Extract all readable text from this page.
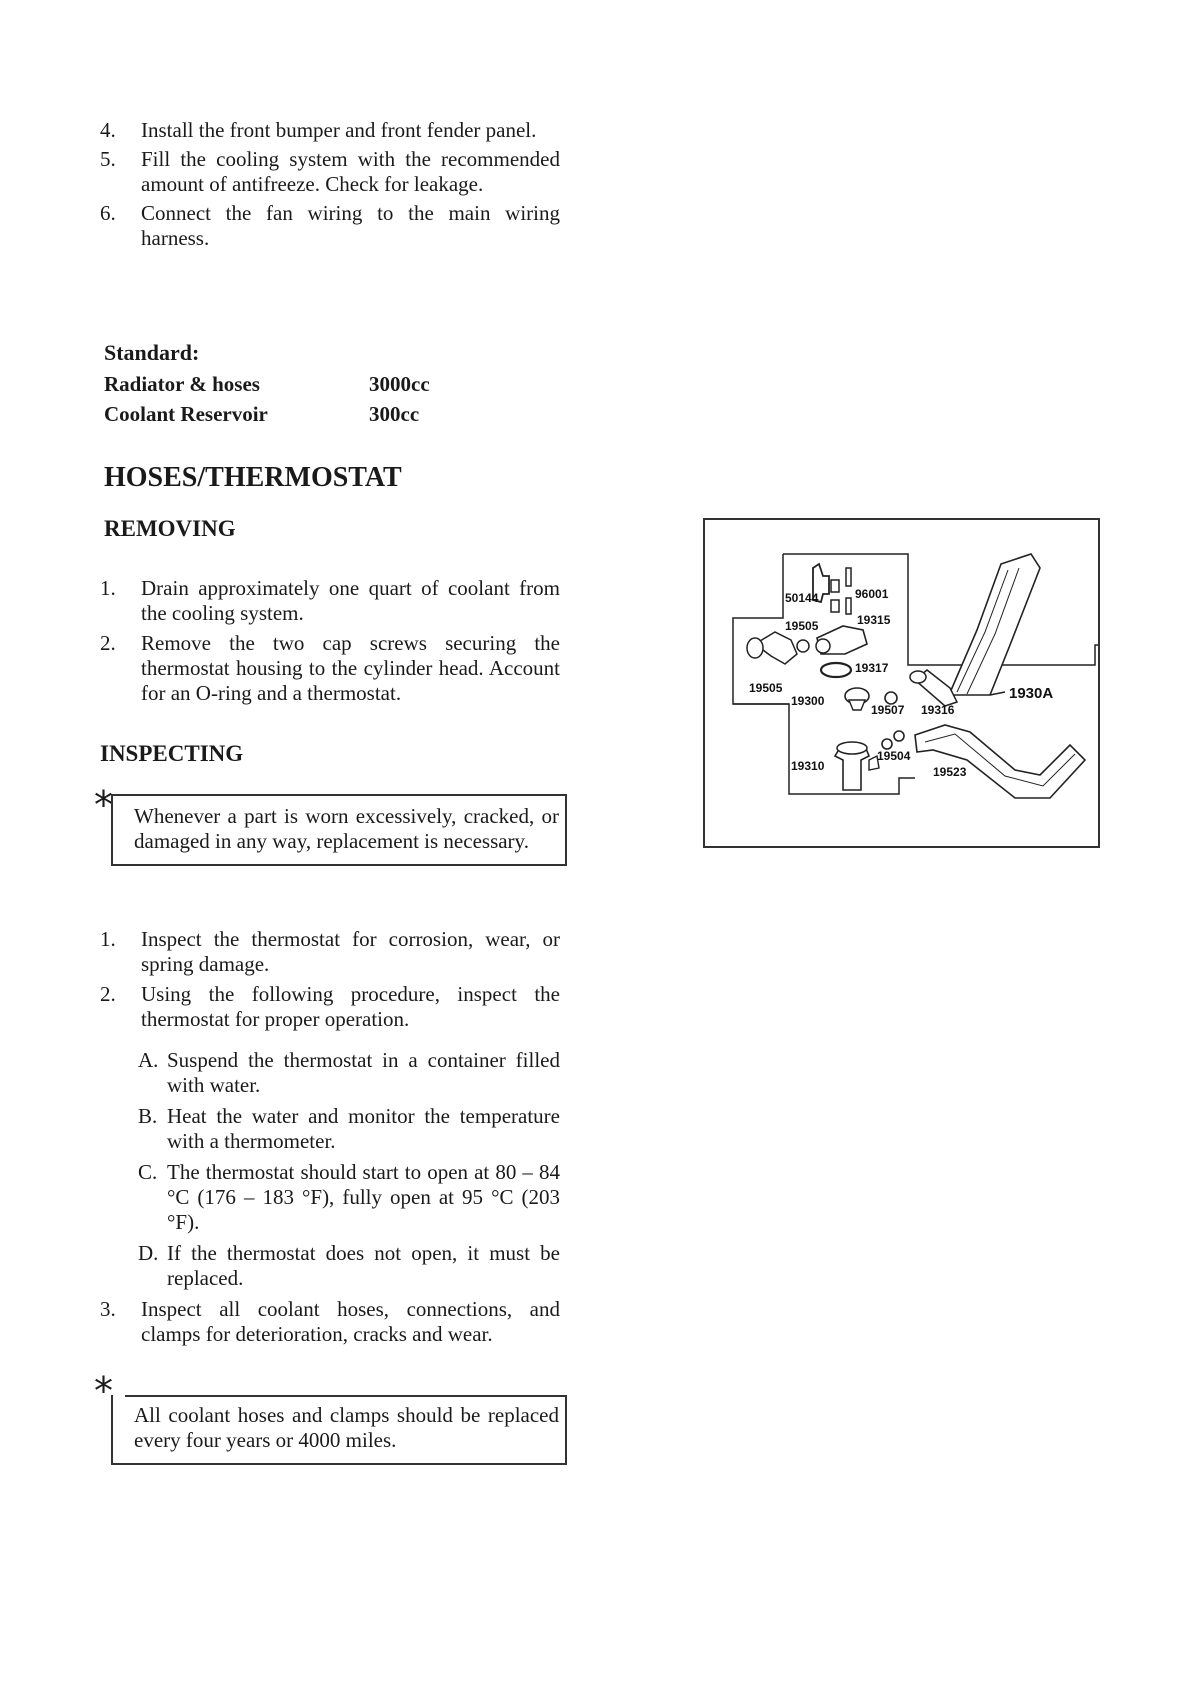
4. Install the front bumper and front fender panel.
5. Fill the cooling system with the recommended amount of antifreeze. Check for leakage.
6. Connect the fan wiring to the main wiring harness.
Standard:
Radiator & hoses	3000cc
Coolant Reservoir	300cc
HOSES/THERMOSTAT
REMOVING
1. Drain approximately one quart of coolant from the cooling system.
2. Remove the two cap screws securing the thermostat housing to the cylinder head. Account for an O-ring and a thermostat.
INSPECTING
*	Whenever a part is worn excessively, cracked, or damaged in any way, replacement is necessary.
1. Inspect the thermostat for corrosion, wear, or spring damage.
2. Using the following procedure, inspect the thermostat for proper operation.
A. Suspend the thermostat in a container filled with water.
B. Heat the water and monitor the temperature with a thermometer.
C. The thermostat should start to open at 80 – 84 °C (176 – 183 °F), fully open at 95 °C (203 °F).
D. If the thermostat does not open, it must be replaced.
3. Inspect all coolant hoses, connections, and clamps for deterioration, cracks and wear.
*
All coolant hoses and clamps should be replaced every four years or 4000 miles.
50144	96001
19505	19315
19317
19505
19300
19507 19316
19310
19504
19523
1930A
